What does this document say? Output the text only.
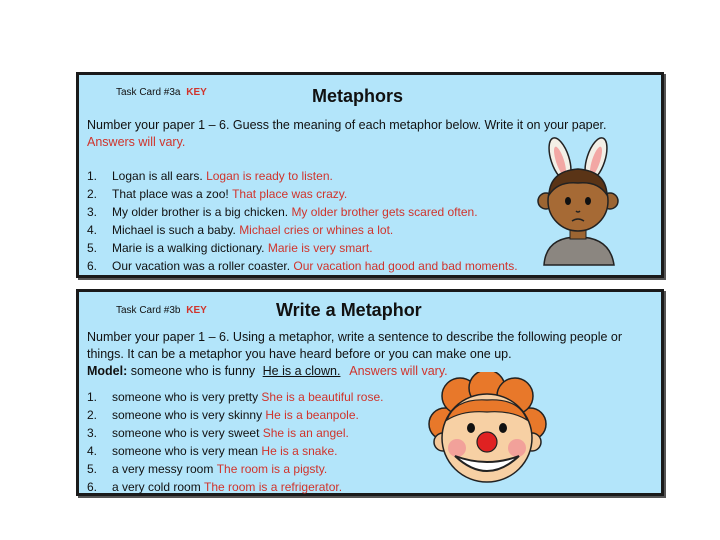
Task Card #3a KEY	Metaphors
Number your paper 1 – 6. Guess the meaning of each metaphor below. Write it on your paper.
Answers will vary.
1.	Logan is all ears.
Logan is ready to listen.
2.	That place was a zoo!
That place was crazy.
3.	My older brother is a big chicken.
My older brother gets scared often.
4.	Michael is such a baby.
Michael cries or whines a lot.
5.	Marie is a walking dictionary.
Marie is very smart.
6.	Our vacation was a roller coaster.
Our vacation had good and bad moments.
Task Card #3b KEY	Write a Metaphor
Number your paper 1 – 6. Using a metaphor, write a sentence to describe the following people or things. It can be a metaphor you have heard before or you can make one up.
Model: someone who is funny He is a clown. Answers will vary.
1.	someone who is very pretty
She is a beautiful rose.
2.	someone who is very skinny
He is a beanpole.
3.	someone who is very sweet
She is an angel.
4.	someone who is very mean
He is a snake.
5.	a very messy room
The room is a pigsty.
6.	a very cold room
The room is a refrigerator.
